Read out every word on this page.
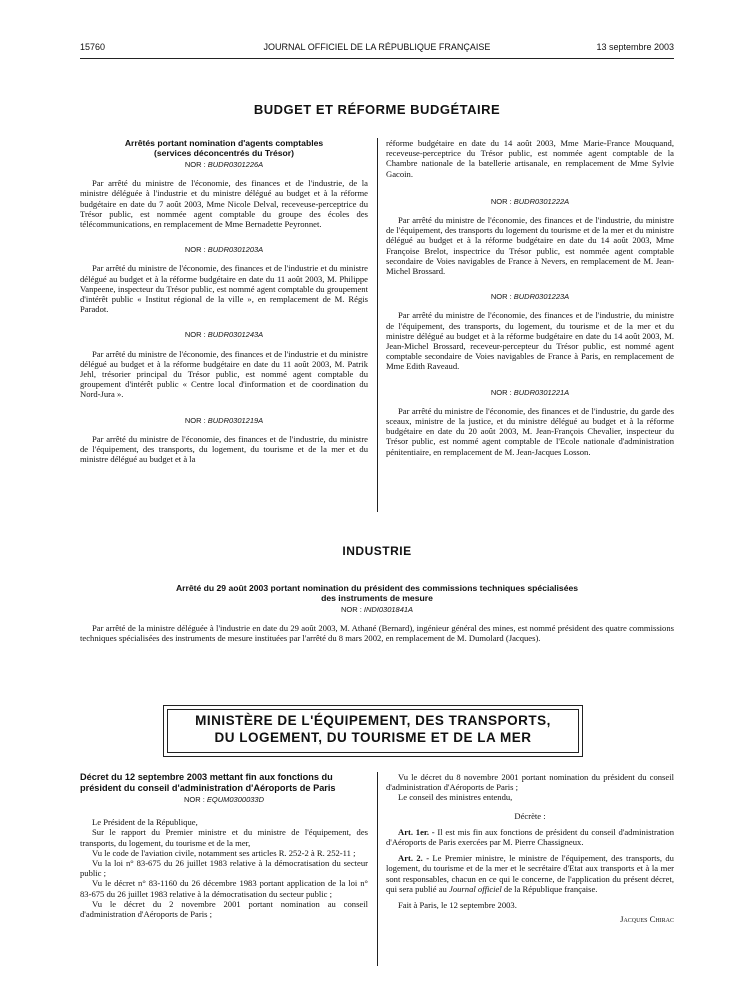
15760	JOURNAL OFFICIEL DE LA RÉPUBLIQUE FRANÇAISE	13 septembre 2003
BUDGET ET RÉFORME BUDGÉTAIRE
Arrêtés portant nomination d'agents comptables
(services déconcentrés du Trésor)

NOR : BUDR0301226A

Par arrêté du ministre de l'économie, des finances et de l'industrie, de la ministre déléguée à l'industrie et du ministre délégué au budget et à la réforme budgétaire en date du 7 août 2003, Mme Nicole Delval, receveuse-perceptrice du Trésor public, est nommée agent comptable du groupe des écoles des télécommunications, en remplacement de Mme Bernadette Peyronnet.

NOR : BUDR0301203A

Par arrêté du ministre de l'économie, des finances et de l'industrie et du ministre délégué au budget et à la réforme budgétaire en date du 11 août 2003, M. Philippe Vanpeene, inspecteur du Trésor public, est nommé agent comptable du groupement d'intérêt public « Institut régional de la ville », en remplacement de M. Régis Paradot.

NOR : BUDR0301243A

Par arrêté du ministre de l'économie, des finances et de l'industrie et du ministre délégué au budget et à la réforme budgétaire en date du 11 août 2003, M. Patrik Jehl, trésorier principal du Trésor public, est nommé agent comptable du groupement d'intérêt public « Centre local d'information et de coordination du Nord-Jura ».

NOR : BUDR0301219A

Par arrêté du ministre de l'économie, des finances et de l'industrie, du ministre de l'équipement, des transports, du logement, du tourisme et de la mer et du ministre délégué au budget et à la

réforme budgétaire en date du 14 août 2003, Mme Marie-France Mouquand, receveuse-perceptrice du Trésor public, est nommée agent comptable de la Chambre nationale de la batellerie artisanale, en remplacement de Mme Sylvie Gacoin.

NOR : BUDR0301222A

Par arrêté du ministre de l'économie, des finances et de l'industrie, du ministre de l'équipement, des transports du logement du tourisme et de la mer et du ministre délégué au budget et à la réforme budgétaire en date du 14 août 2003, Mme Françoise Brelot, inspectrice du Trésor public, est nommée agent comptable secondaire de Voies navigables de France à Nevers, en remplacement de M. Jean-Michel Brossard.

NOR : BUDR0301223A

Par arrêté du ministre de l'économie, des finances et de l'industrie, du ministre de l'équipement, des transports, du logement, du tourisme et de la mer et du ministre délégué au budget et à la réforme budgétaire en date du 14 août 2003, M. Jean-Michel Brossard, receveur-percepteur du Trésor public, est nommé agent comptable secondaire de Voies navigables de France à Paris, en remplacement de Mme Edith Raveaud.

NOR : BUDR0301221A

Par arrêté du ministre de l'économie, des finances et de l'industrie, du garde des sceaux, ministre de la justice, et du ministre délégué au budget et à la réforme budgétaire en date du 20 août 2003, M. Jean-François Chevalier, inspecteur du Trésor public, est nommé agent comptable de l'Ecole nationale d'administration pénitentiaire, en remplacement de M. Jean-Jacques Losson.

INDUSTRIE
Arrêté du 29 août 2003 portant nomination du président des commissions techniques spécialisées
des instruments de mesure

NOR : INDI0301841A

Par arrêté de la ministre déléguée à l'industrie en date du 29 août 2003, M. Athané (Bernard), ingénieur général des mines, est nommé président des quatre commissions techniques spécialisées des instruments de mesure instituées par l'arrêté du 8 mars 2002, en remplacement de M. Dumolard (Jacques).

MINISTÈRE DE L'ÉQUIPEMENT, DES TRANSPORTS,
DU LOGEMENT, DU TOURISME ET DE LA MER
Décret du 12 septembre 2003 mettant fin aux fonctions du président du conseil d'administration d'Aéroports de Paris

NOR : EQUM0300033D

Le Président de la République,

Sur le rapport du Premier ministre et du ministre de l'équipement, des transports, du logement, du tourisme et de la mer,

Vu le code de l'aviation civile, notamment ses articles R. 252-2 à R. 252-11 ;

Vu la loi n° 83-675 du 26 juillet 1983 relative à la démocratisation du secteur public ;

Vu le décret n° 83-1160 du 26 décembre 1983 portant application de la loi n° 83-675 du 26 juillet 1983 relative à la démocratisation du secteur public ;

Vu le décret du 2 novembre 2001 portant nomination au conseil d'administration d'Aéroports de Paris ;

Vu le décret du 8 novembre 2001 portant nomination du président du conseil d'administration d'Aéroports de Paris ;

Le conseil des ministres entendu,

Décrète :

Art. 1er. - Il est mis fin aux fonctions de président du conseil d'administration d'Aéroports de Paris exercées par M. Pierre Chassigneux.

Art. 2. - Le Premier ministre, le ministre de l'équipement, des transports, du logement, du tourisme et de la mer et le secrétaire d'Etat aux transports et à la mer sont responsables, chacun en ce qui le concerne, de l'application du présent décret, qui sera publié au Journal officiel de la République française.

Fait à Paris, le 12 septembre 2003.

Jacques Chirac
